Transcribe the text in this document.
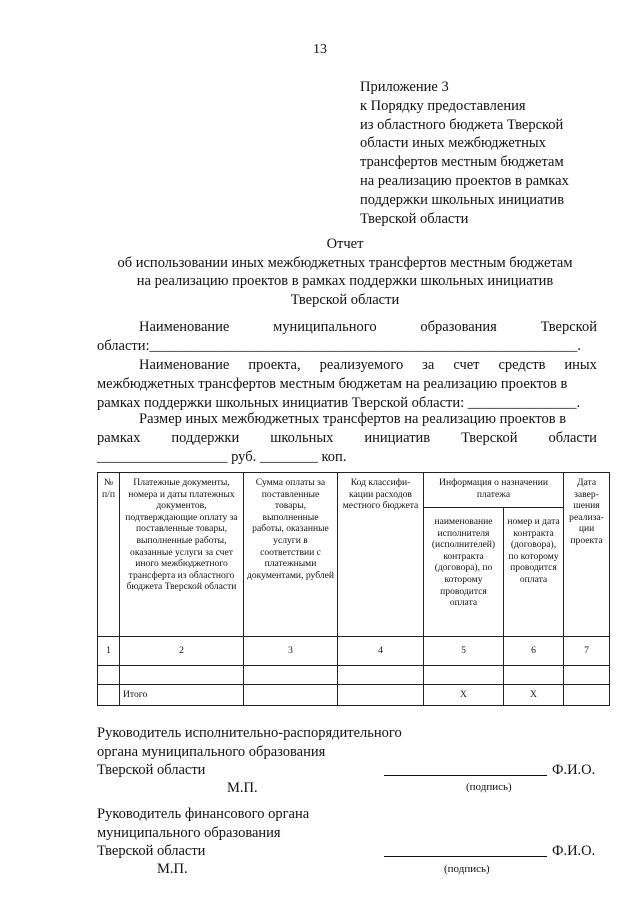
13
Приложение 3
к Порядку предоставления
из областного бюджета Тверской
области иных межбюджетных
трансфертов местным бюджетам
на реализацию проектов в рамках
поддержки школьных инициатив
Тверской области
Отчет
об использовании иных межбюджетных трансфертов местным бюджетам
на реализацию проектов в рамках поддержки школьных инициатив
Тверской области
Наименование	муниципального	образования	Тверской
области:___________________________________________________________.
Наименование проекта, реализуемого за счет средств иных
межбюджетных трансфертов местным бюджетам на реализацию проектов в
рамках поддержки школьных инициатив Тверской области: _______________.
Размер иных межбюджетных трансфертов на реализацию проектов в
рамках поддержки школьных инициатив Тверской области
__________________ руб. ________ коп.
№ п/п	Платежные документы, номера и даты платежных документов, подтверждающие оплату за поставленные товары, выполненные работы, оказанные услуги за счет иного межбюджетного трансферта из областного бюджета Тверской области	Сумма оплаты за поставленные товары, выполненные работы, оказанные услуги в соответствии с платежными документами, рублей	Код классифи-кации расходов местного бюджета	Информация о назначении платежа		Дата завер-шения реализа-ции проекта
				наименование исполнителя (исполнителей) контракта (договора), по которому проводится оплата	номер и дата контракта (договора), по которому проводится оплата	
1	2	3	4	5	6	7

	Итого			Х	Х	
Руководитель исполнительно-распорядительного
органа муниципального образования
Тверской области	Ф.И.О.
М.П.	(подпись)
Руководитель финансового органа
муниципального образования
Тверской области	Ф.И.О.
М.П.	(подпись)
